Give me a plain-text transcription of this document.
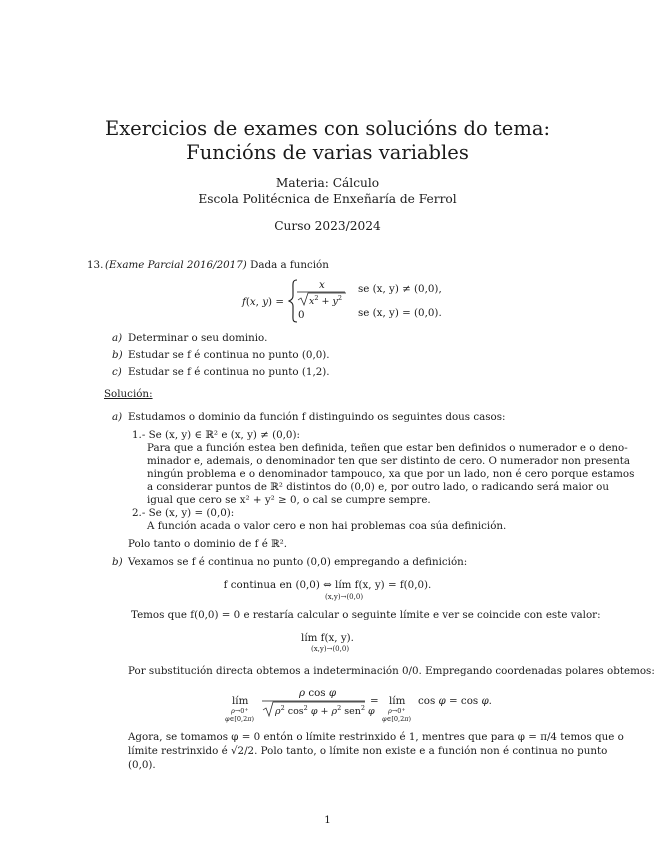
Exercicios de exames con solucións do tema:
Funcións de varias variables
Materia: Cálculo
Escola Politécnica de Enxeñaría de Ferrol
Curso 2023/2024
13. (Exame Parcial 2016/2017) Dada a función
f(x, y) =
x
$x^2 + y^2$
0
se (x, y) ≠ (0,0),
se (x, y) = (0,0).
a) Determinar o seu dominio.
b) Estudar se f é continua no punto (0,0).
c) Estudar se f é continua no punto (1,2).
Solución:
a) Estudamos o dominio da función f distinguindo os seguintes dous casos:
1.- Se (x, y) ∈ ℝ² e (x, y) ≠ (0,0):
Para que a función estea ben definida, teñen que estar ben definidos o numerador e o deno-
minador e, ademais, o denominador ten que ser distinto de cero. O numerador non presenta
ningún problema e o denominador tampouco, xa que por un lado, non é cero porque estamos
a considerar puntos de ℝ² distintos do (0,0) e, por outro lado, o radicando será maior ou
igual que cero se x² + y² ≥ 0, o cal se cumpre sempre.
2.- Se (x, y) = (0,0):
A función acada o valor cero e non hai problemas coa súa definición.
Polo tanto o dominio de f é ℝ².
b) Vexamos se f é continua no punto (0,0) empregando a definición:
f continua en (0,0) ⇔ lím f(x, y) = f(0,0).
(x,y)→(0,0)
Temos que f(0,0) = 0 e restaría calcular o seguinte límite e ver se coincide con este valor:
lím f(x, y).
(x,y)→(0,0)
Por substitución directa obtemos a indeterminación 0/0. Empregando coordenadas polares obtemos:
lím
ρ→0+
φ∈[0,2π)
ρ cos φ
$\rho^2$ $\cos^2 \varphi + \rho^2$ sen$^2$ φ
= lím
ρ→0+
φ∈[0,2π)
cos φ = cos φ.
Agora, se tomamos φ = 0 entón o límite restrinxido é 1, mentres que para φ = π/4 temos que o
límite restrinxido é √2/2. Polo tanto, o límite non existe e a función non é continua no punto
(0,0).
1
